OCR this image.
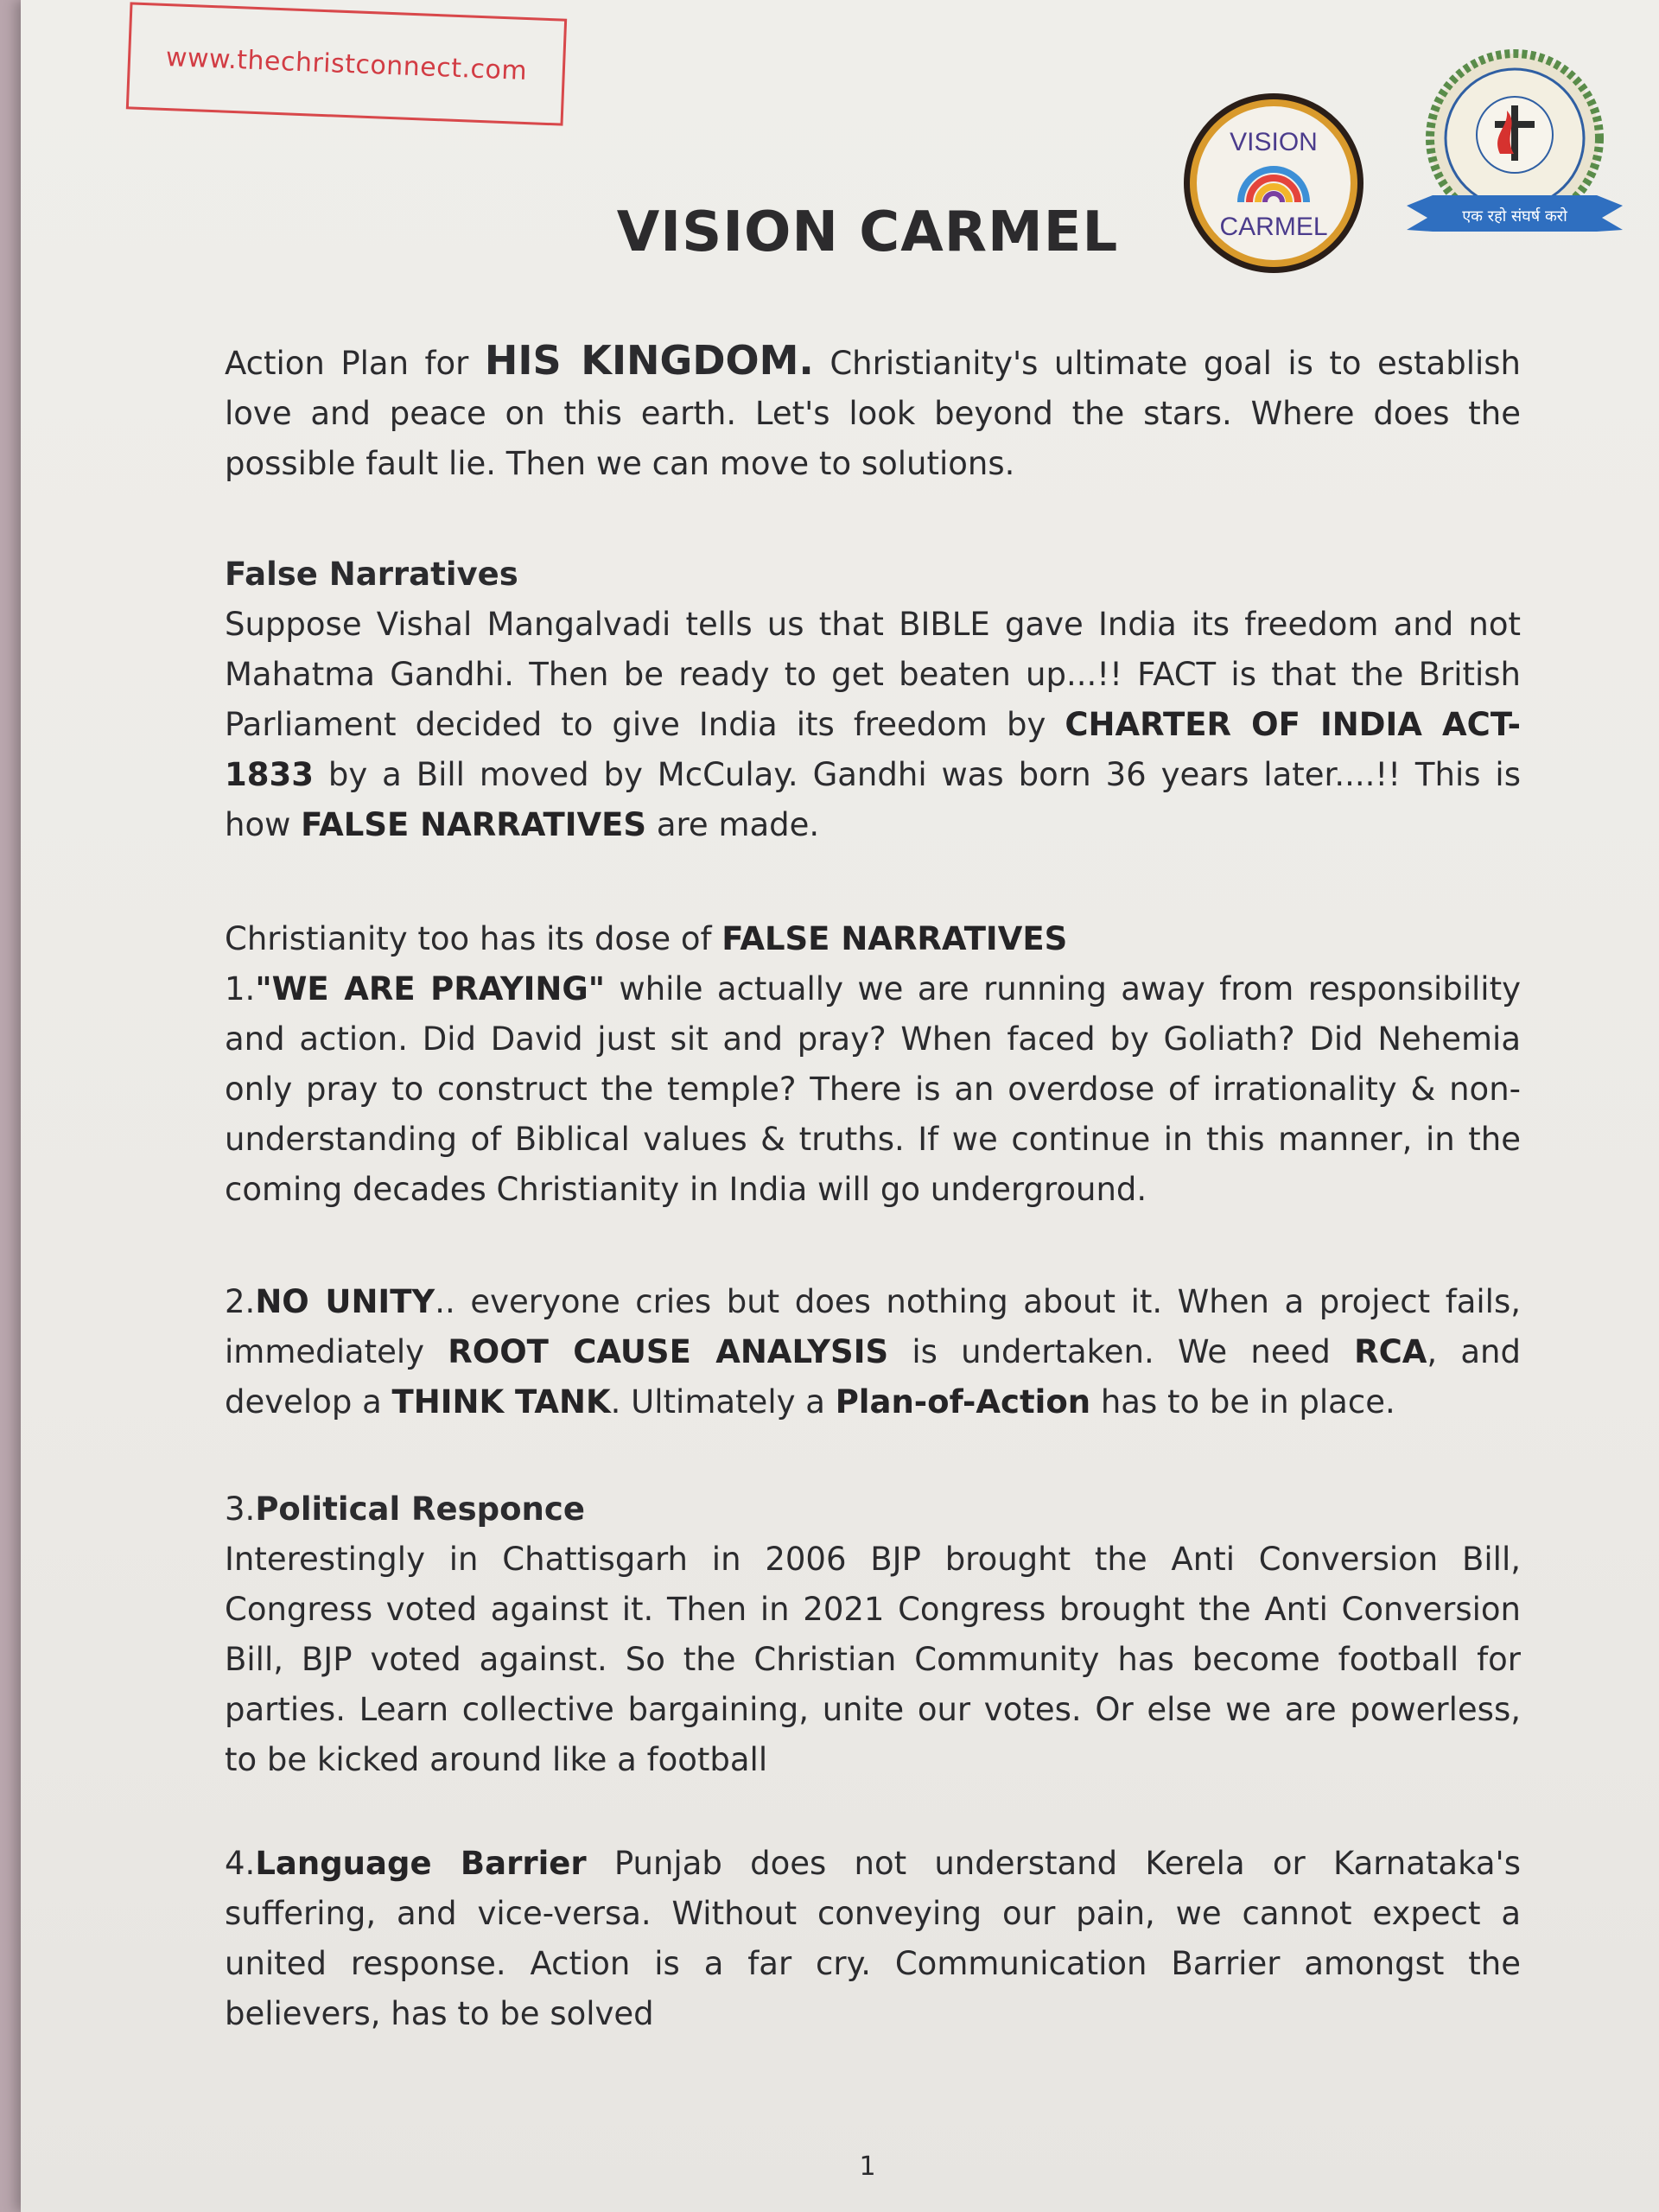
www.thechristconnect.com
VISION
CARMEL	एक रहो संघर्ष करो
VISION CARMEL

Action Plan for HIS KINGDOM. Christianity's ultimate goal is to establish love and peace on this earth. Let's look beyond the stars. Where does the possible fault lie. Then we can move to solutions.

False Narratives

Suppose Vishal Mangalvadi tells us that BIBLE gave India its freedom and not Mahatma Gandhi. Then be ready to get beaten up...!! FACT is that the British Parliament decided to give India its freedom by CHARTER OF INDIA ACT- 1833 by a Bill moved by McCulay. Gandhi was born 36 years later....!! This is how FALSE NARRATIVES are made.

Christianity too has its dose of FALSE NARRATIVES

1."WE ARE PRAYING" while actually we are running away from responsibility and action. Did David just sit and pray? When faced by Goliath? Did Nehemia only pray to construct the temple? There is an overdose of irrationality & non-understanding of Biblical values & truths. If we continue in this manner, in the coming decades Christianity in India will go underground.

2.NO UNITY.. everyone cries but does nothing about it. When a project fails, immediately ROOT CAUSE ANALYSIS is undertaken. We need RCA, and develop a THINK TANK. Ultimately a Plan-of-Action has to be in place.

3.Political Responce

Interestingly in Chattisgarh in 2006 BJP brought the Anti Conversion Bill, Congress voted against it. Then in 2021 Congress brought the Anti Conversion Bill, BJP voted against. So the Christian Community has become football for parties. Learn collective bargaining, unite our votes. Or else we are powerless, to be kicked around like a football

4.Language Barrier Punjab does not understand Kerela or Karnataka's suffering, and vice-versa. Without conveying our pain, we cannot expect a united response. Action is a far cry. Communication Barrier amongst the believers, has to be solved

1
